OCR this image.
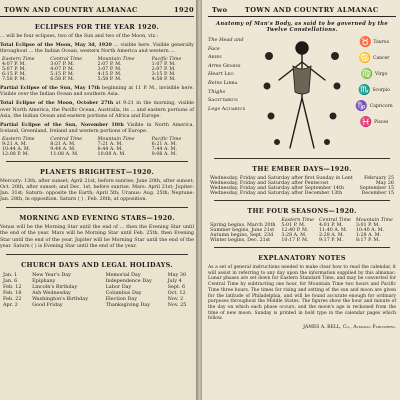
TOWN AND COUNTRY ALMANAC	1920
ECLIPSES FOR THE YEAR 1920.

... will be four eclipses, two of the Sun and two of the Moon, viz.:

Total Eclipse of the Moon, May 3d, 1920 ... visible here. Visible generally throughout ... the Indian Ocean, western North America and western ...

Eastern Time	Central Time	Mountain Time	Pacific Time
4:07 P. M.	3:07 P. M.	2:07 P. M.	1:07 P. M.
5:07 P. M.	4:07 P. M.	3:07 P. M.	2:07 P. M.
6:15 P. M.	5:15 P. M.	4:15 P. M.	3:15 P. M.
7:58 P. M.	6:58 P. M.	5:58 P. M.	4:58 P. M.

Partial Eclipse of the Sun, May 17th beginning at 11 P. M., invisible here. Visible over the Indian Ocean and southern Asia.

Total Eclipse of the Moon, October 27th at 9:21 in the morning, visible over North America, the Pacific Ocean, Australia, its ... and eastern portions of Asia, the Indian Ocean and eastern portions of Africa and Europe.

Partial Eclipse of the Sun, November 10th Visible in North America, Iceland, Greenland, Ireland and western portions of Europe.

Eastern Time	Central Time	Mountain Time	Pacific Time
9:21 A. M.	8:21 A. M.	7:21 A. M.	6:21 A. M.
10:44 A. M.	9:44 A. M.	8:44 A. M.	7:44 A. M.
12:08 P. M.	11:08 A. M.	10:08 A. M.	9:08 A. M.
PLANETS BRIGHTEST—1920.

Mercury: 13th, after sunset; April 21st, before sunrise; June 20th, after sunset; Oct. 20th, after sunset; and Dec. 1st, before sunrise. Mars: April 21st; Jupiter: Jan. 31st; Saturn: opposite the Earth; April 5th; Uranus: Aug. 25th; Neptune: Jan. 28th, in opposition. Saturn ( ) , Feb. 20th, at opposition.

MORNING AND EVENING STARS—1920.

Venus will be the Morning Star until the end of ... then the Evening Star until the end of the year. Mars will be Morning Star until Feb. 25th, then Evening Star until the end of the year. Jupiter will be Morning Star until the end of the year. Saturn ( ) is Evening Star until the end of the year.

CHURCH DAYS AND LEGAL HOLIDAYS.
Jan. 1	New Year's Day	Memorial Day	May 30
Jan. 6	Epiphany	Independence Day	July 4
Feb. 12	Lincoln's Birthday	Labor Day	Sept. 6
Feb. 18	Ash Wednesday	Columbus Day	Oct. 12
Feb. 22	Washington's Birthday	Election Day	Nov. 2
Apr. 2	Good Friday	Thanksgiving Day	Nov. 25
Two	TOWN AND COUNTRY ALMANAC
Anatomy of Man's Body, as said to be governed by the Twelve Constellations.
The Head and Face
Aries
Arms Gemini
Heart Leo
Reins Libra
Thighs Sagittarius
Legs Aquarius
♉ Taurus
♋ Cancer
♍ Virgo
♏ Scorpio
♑ Capricorn
♓ Pisces
THE EMBER DAYS—1920.
Wednesday, Friday and Saturday after first Sunday in Lent	February 25
Wednesday, Friday and Saturday after Pentecost	May 26
Wednesday, Friday and Saturday after September 14th	September 15
Wednesday, Friday and Saturday after December 13th	December 15
THE FOUR SEASONS—1920.
	Eastern Time	Central Time	Mountain Time
Spring begins, March 20th	5:01 P. M.	4:01 P. M.	3:01 P. M.
Summer begins, June 21st	12:40 P. M.	11:40 A. M.	10:40 A. M.
Autumn begins, Sept. 23d	3:28 A. M.	2:28 A. M.	1:28 A. M.
Winter begins, Dec. 21st	10:17 P. M.	9:17 P. M.	8:17 P. M.
EXPLANATORY NOTES

As a set of general instructions needed to make clear how to read the calendar, it will assist in referring to any day upon the information supplied by this almanac. Lunar phases are set down for Eastern Standard Time, and may be converted for Central Time by subtracting one hour, for Mountain Time two hours and Pacific Time three hours. The times for rising and setting of the sun and moon are given for the latitude of Philadelphia, and will be found accurate enough for ordinary purposes throughout the Middle States. The figures show the hour and minute of the day on which each phase occurs, and the moon's age is reckoned from the time of new moon. Sunday is printed in bold type in the calendar pages which follow.

JAMES A. BELL, Co., Almanac Publishers.
